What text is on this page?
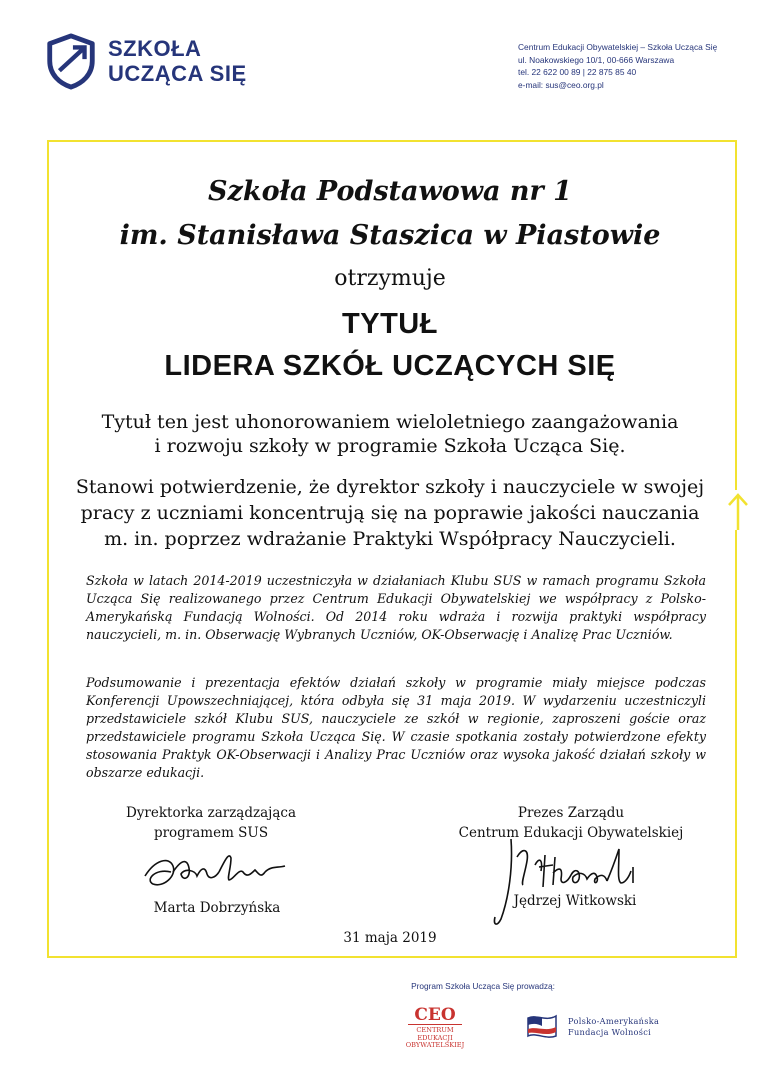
SZKOŁA
UCZĄCA SIĘ
Centrum Edukacji Obywatelskiej – Szkoła Ucząca Się
ul. Noakowskiego 10/1, 00-666 Warszawa
tel. 22 622 00 89 | 22 875 85 40
e-mail: sus@ceo.org.pl
Szkoła Podstawowa nr 1
im. Stanisława Staszica w Piastowie
otrzymuje
TYTUŁ
LIDERA SZKÓŁ UCZĄCYCH SIĘ
Tytuł ten jest uhonorowaniem wieloletniego zaangażowania
i rozwoju szkoły w programie Szkoła Ucząca Się.
Stanowi potwierdzenie, że dyrektor szkoły i nauczyciele w swojej
pracy z uczniami koncentrują się na poprawie jakości nauczania
m. in. poprzez wdrażanie Praktyki Współpracy Nauczycieli.
Szkoła w latach 2014-2019 uczestniczyła w działaniach Klubu SUS w ramach programu Szkoła Ucząca Się realizowanego przez Centrum Edukacji Obywatelskiej we współpracy z Polsko-Amerykańską Fundacją Wolności. Od 2014 roku wdraża i rozwija praktyki współpracy nauczycieli, m. in. Obserwację Wybranych Uczniów, OK-Obserwację i Analizę Prac Uczniów.
Podsumowanie i prezentacja efektów działań szkoły w programie miały miejsce podczas Konferencji Upowszechniającej, która odbyła się 31 maja 2019. W wydarzeniu uczestniczyli przedstawiciele szkół Klubu SUS, nauczyciele ze szkół w regionie, zaproszeni goście oraz przedstawiciele programu Szkoła Ucząca Się. W czasie spotkania zostały potwierdzone efekty stosowania Praktyk OK-Obserwacji i Analizy Prac Uczniów oraz wysoka jakość działań szkoły w obszarze edukacji.
Dyrektorka zarządzająca
programem SUS
Marta Dobrzyńska
Prezes Zarządu
Centrum Edukacji Obywatelskiej
Jędrzej Witkowski
31 maja 2019
Program Szkoła Ucząca Się prowadzą:
CEO
CENTRUM EDUKACJI
OBYWATELSKIEJ
Polsko-Amerykańska
Fundacja Wolności
